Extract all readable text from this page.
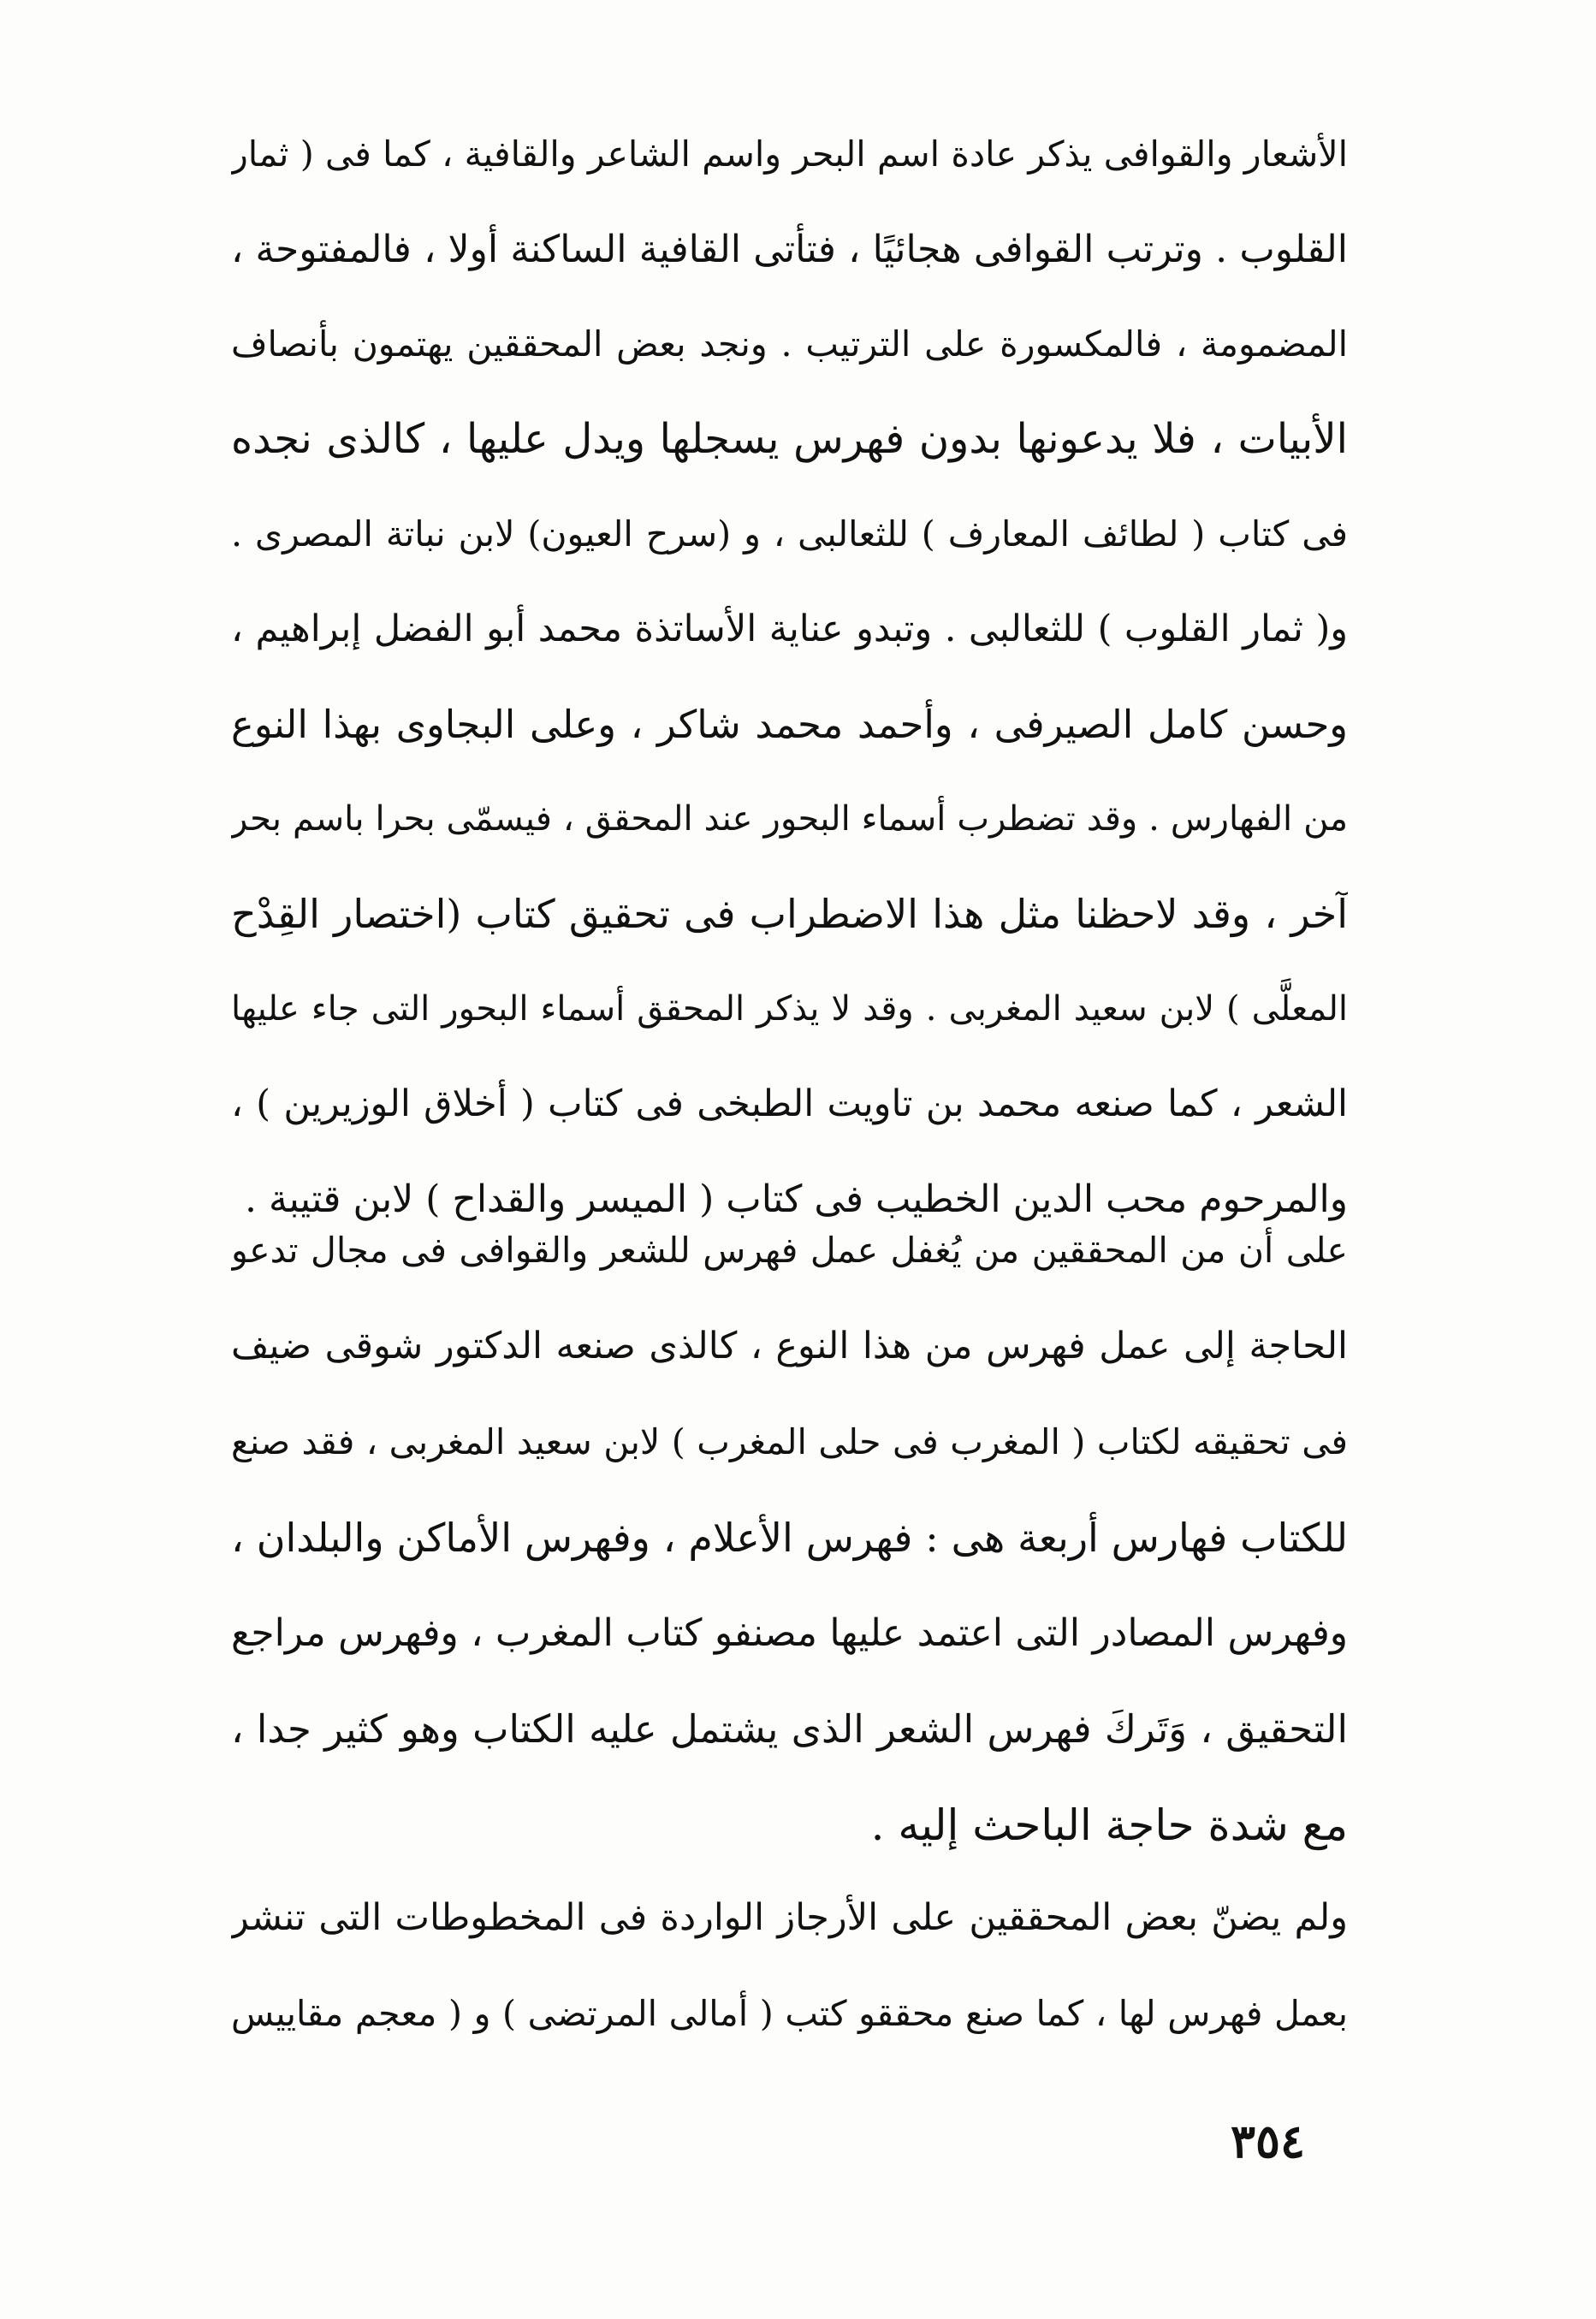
الأشعار والقوافى يذكر عادة اسم البحر واسم الشاعر والقافية ، كما فى ( ثمار
القلوب . وترتب القوافى هجائيًا ، فتأتى القافية الساكنة أولا ، فالمفتوحة ،
المضمومة ، فالمكسورة على الترتيب . ونجد بعض المحققين يهتمون بأنصاف
الأبيات ، فلا يدعونها بدون فهرس يسجلها ويدل عليها ، كالذى نجده
فى كتاب ( لطائف المعارف ) للثعالبى ، و (سرح العيون) لابن نباتة المصرى .
و( ثمار القلوب ) للثعالبى . وتبدو عناية الأساتذة محمد أبو الفضل إبراهيم ،
وحسن كامل الصيرفى ، وأحمد محمد شاكر ، وعلى البجاوى بهذا النوع
من الفهارس . وقد تضطرب أسماء البحور عند المحقق ، فيسمّى بحرا باسم بحر
آخر ، وقد لاحظنا مثل هذا الاضطراب فى تحقيق كتاب (اختصار القِدْح
المعلَّى ) لابن سعيد المغربى . وقد لا يذكر المحقق أسماء البحور التى جاء عليها
الشعر ، كما صنعه محمد بن تاويت الطبخى فى كتاب ( أخلاق الوزيرين ) ،
والمرحوم محب الدين الخطيب فى كتاب ( الميسر والقداح ) لابن قتيبة .
على أن من المحققين من يُغفل عمل فهرس للشعر والقوافى فى مجال تدعو
الحاجة إلى عمل فهرس من هذا النوع ، كالذى صنعه الدكتور شوقى ضيف
فى تحقيقه لكتاب ( المغرب فى حلى المغرب ) لابن سعيد المغربى ، فقد صنع
للكتاب فهارس أربعة هى : فهرس الأعلام ، وفهرس الأماكن والبلدان ،
وفهرس المصادر التى اعتمد عليها مصنفو كتاب المغرب ، وفهرس مراجع
التحقيق ، وَتَركَ فهرس الشعر الذى يشتمل عليه الكتاب وهو كثير جدا ،
مع شدة حاجة الباحث إليه .
ولم يضنّ بعض المحققين على الأرجاز الواردة فى المخطوطات التى تنشر
بعمل فهرس لها ، كما صنع محققو كتب ( أمالى المرتضى ) و ( معجم مقاييس
٣٥٤
